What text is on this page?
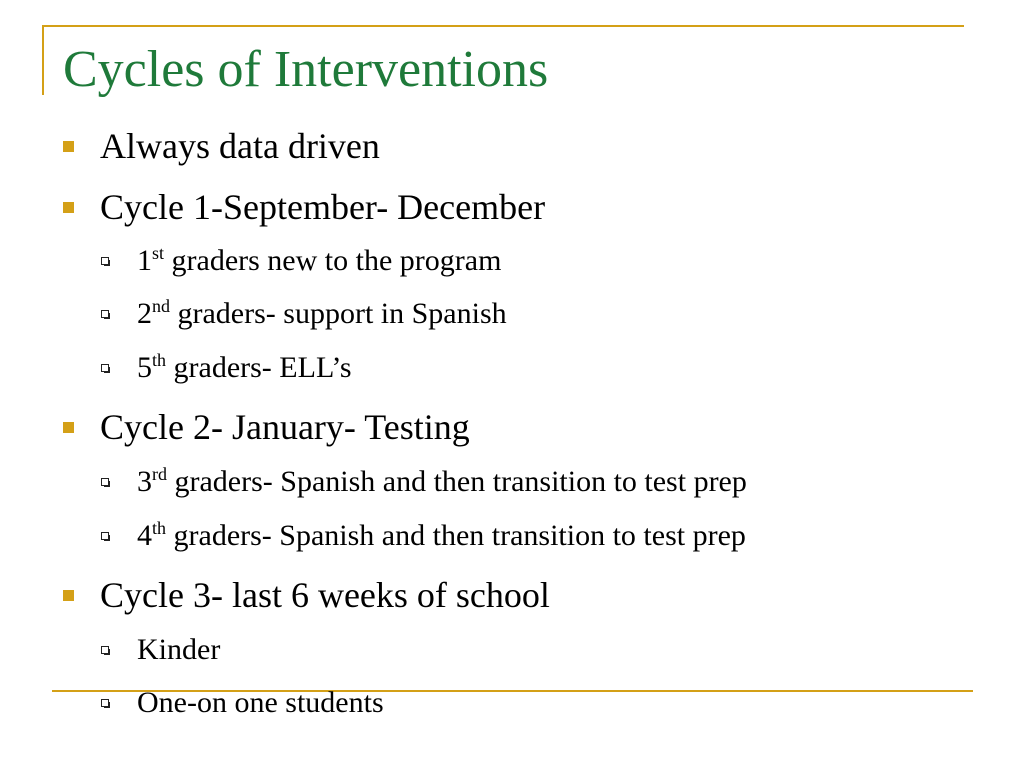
Cycles of Interventions
Always data driven
Cycle 1-September- December
1st graders new to the program
2nd graders- support in Spanish
5th graders- ELL’s
Cycle 2- January- Testing
3rd graders- Spanish and then transition to test prep
4th graders- Spanish and then transition to test prep
Cycle 3- last 6 weeks of school
Kinder
One-on one students
